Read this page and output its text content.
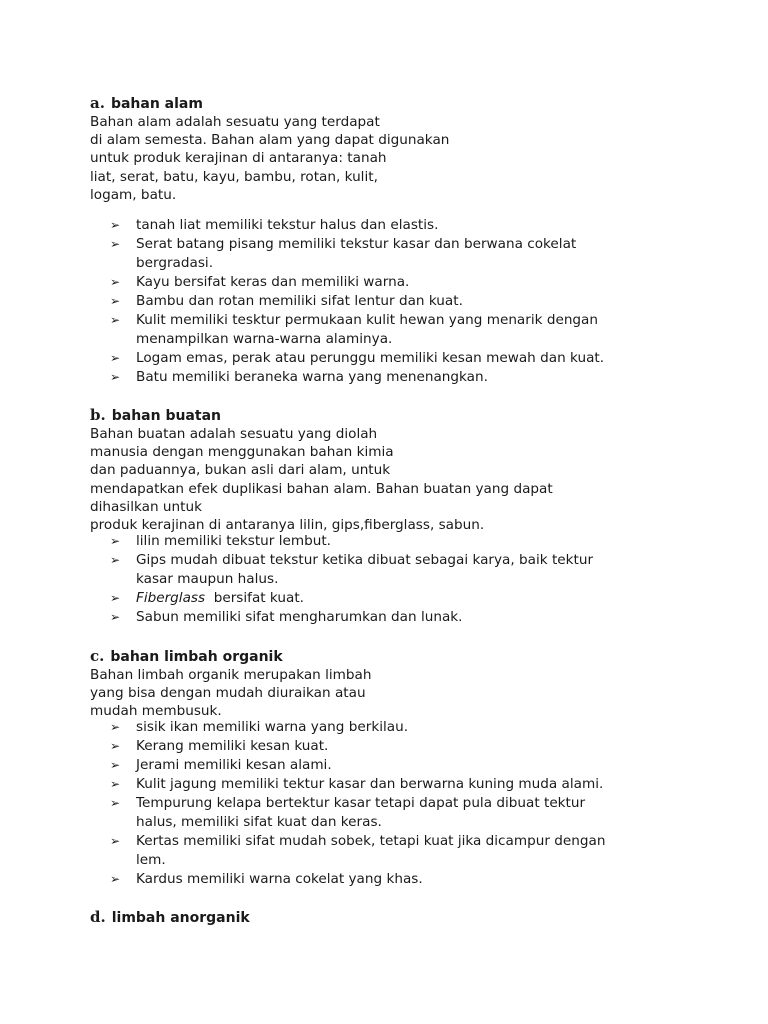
a. bahan alam
Bahan alam adalah sesuatu yang terdapat
di alam semesta. Bahan alam yang dapat digunakan
untuk produk kerajinan di antaranya: tanah
liat, serat, batu, kayu, bambu, rotan, kulit,
logam, batu.
➢ tanah liat memiliki tekstur halus dan elastis.
➢ Serat batang pisang memiliki tekstur kasar dan berwana cokelat
bergradasi.
➢ Kayu bersifat keras dan memiliki warna.
➢ Bambu dan rotan memiliki sifat lentur dan kuat.
➢ Kulit memiliki tesktur permukaan kulit hewan yang menarik dengan
menampilkan warna-warna alaminya.
➢ Logam emas, perak atau perunggu memiliki kesan mewah dan kuat.
➢ Batu memiliki beraneka warna yang menenangkan.
b. bahan buatan
Bahan buatan adalah sesuatu yang diolah
manusia dengan menggunakan bahan kimia
dan paduannya, bukan asli dari alam, untuk
mendapatkan efek duplikasi bahan alam. Bahan buatan yang dapat
dihasilkan untuk
produk kerajinan di antaranya lilin, gips,fiberglass, sabun.
➢ lilin memiliki tekstur lembut.
➢ Gips mudah dibuat tekstur ketika dibuat sebagai karya, baik tektur
kasar maupun halus.
➢ Fiberglass  bersifat kuat.
➢ Sabun memiliki sifat mengharumkan dan lunak.
c. bahan limbah organik
Bahan limbah organik merupakan limbah
yang bisa dengan mudah diuraikan atau
mudah membusuk.
➢ sisik ikan memiliki warna yang berkilau.
➢ Kerang memiliki kesan kuat.
➢ Jerami memiliki kesan alami.
➢ Kulit jagung memiliki tektur kasar dan berwarna kuning muda alami.
➢ Tempurung kelapa bertektur kasar tetapi dapat pula dibuat tektur
halus, memiliki sifat kuat dan keras.
➢ Kertas memiliki sifat mudah sobek, tetapi kuat jika dicampur dengan
lem.
➢ Kardus memiliki warna cokelat yang khas.
d. limbah anorganik
